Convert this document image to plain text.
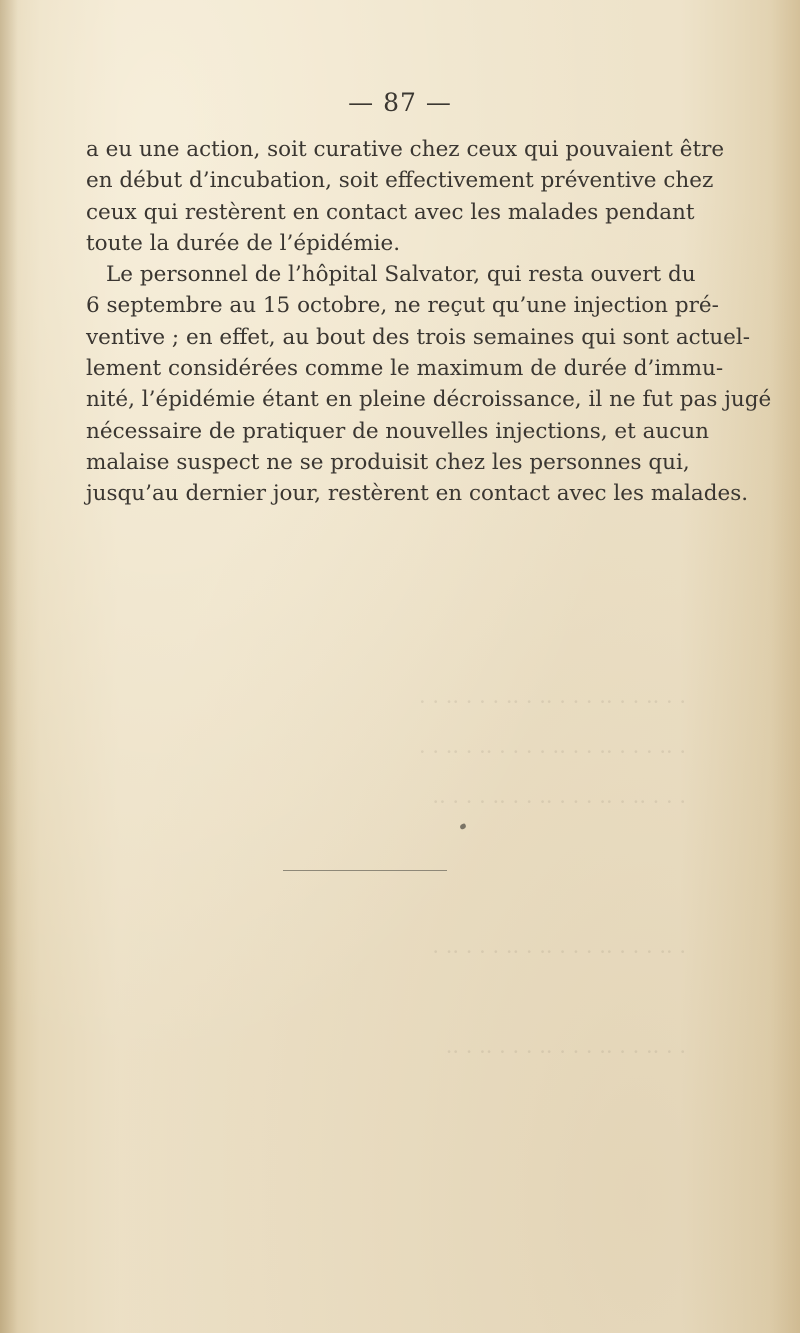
— 87 —
a eu une action, soit curative chez ceux qui pouvaient être
en début d’incubation, soit effectivement préventive chez
ceux qui restèrent en contact avec les malades pendant
toute la durée de l’épidémie.
Le personnel de l’hôpital Salvator, qui resta ouvert du
6 septembre au 15 octobre, ne reçut qu’une injection pré-
ventive ; en effet, au bout des trois semaines qui sont actuel-
lement considérées comme le maximum de durée d’immu-
nité, l’épidémie étant en pleine décroissance, il ne fut pas jugé
nécessaire de pratiquer de nouvelles injections, et aucun
malaise suspect ne se produisit chez les personnes qui,
jusqu’au dernier jour, restèrent en contact avec les malades.
· · ·· · · ·· · · · ·· · ·· · · · ·· · ·
· ·· · · · ·· · · ·· · · · · ·· · ·· · ·
· · · ·· · ·· · · · ·· · · ·· · · · ··
· ·· · · · ·· · · · ·· · ·· · · · ·· ·
· · ·· · · ·· · · · ·· · · · ·· · ··
